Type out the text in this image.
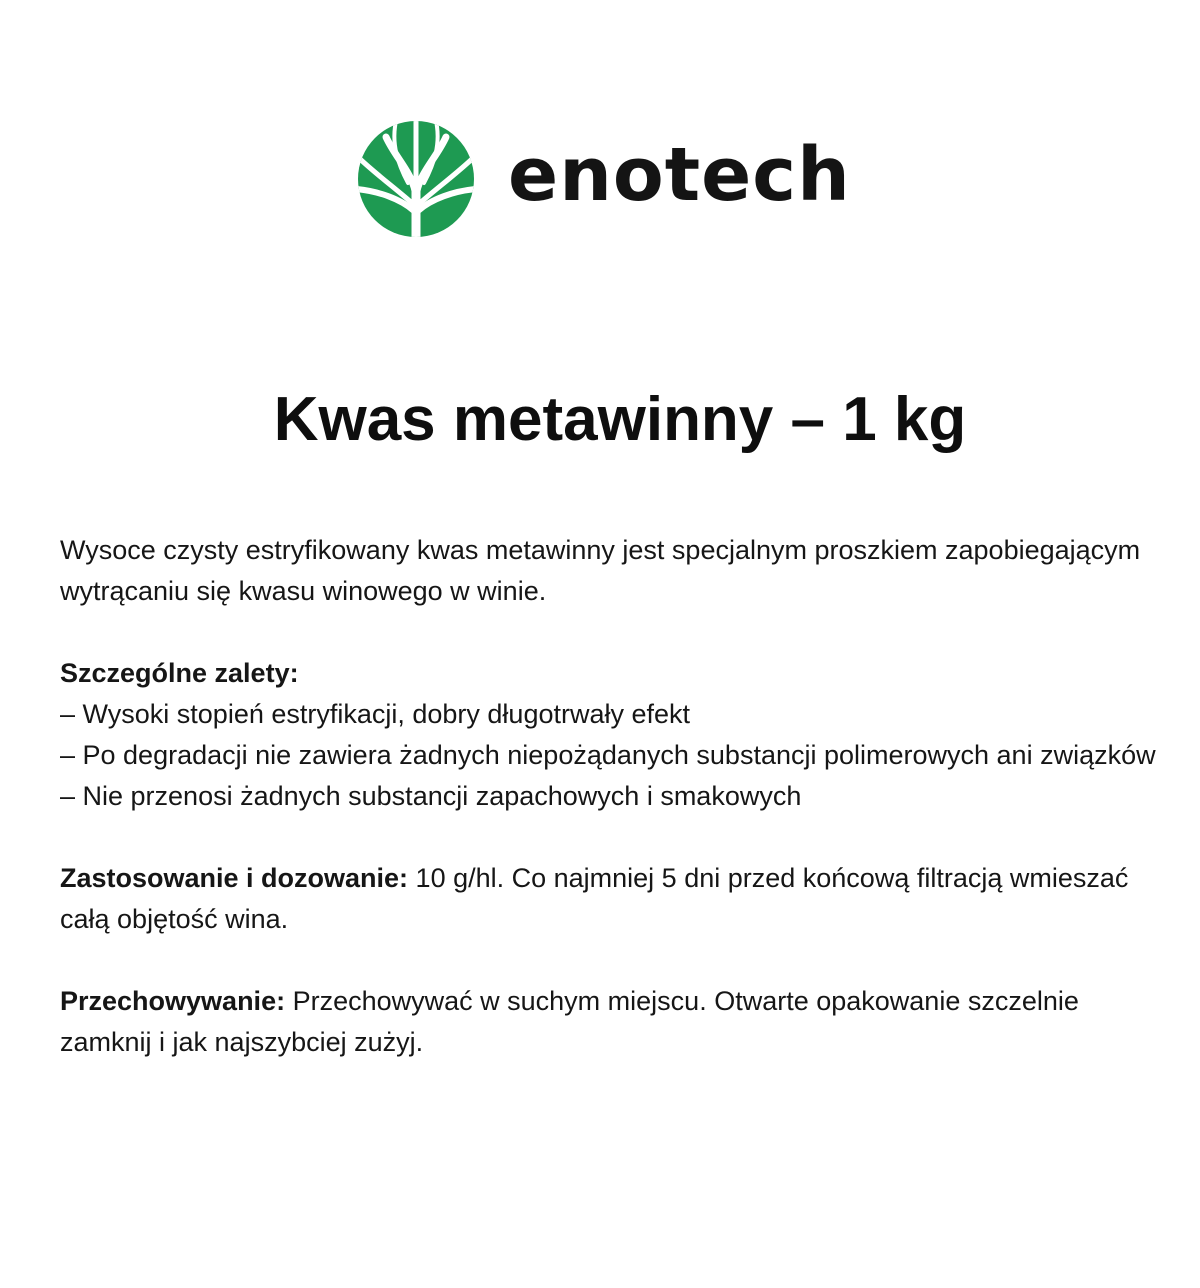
enotech
Kwas metawinny – 1 kg

Wysoce czysty estryfikowany kwas metawinny jest specjalnym proszkiem zapobiegającym wytrącaniu się kwasu winowego w winie.

Szczególne zalety:

– Wysoki stopień estryfikacji, dobry długotrwały efekt

– Po degradacji nie zawiera żadnych niepożądanych substancji polimerowych ani związków

– Nie przenosi żadnych substancji zapachowych i smakowych

Zastosowanie i dozowanie: 10 g/hl. Co najmniej 5 dni przed końcową filtracją wmieszać całą objętość wina.

Przechowywanie: Przechowywać w suchym miejscu. Otwarte opakowanie szczelnie zamknij i jak najszybciej zużyj.
